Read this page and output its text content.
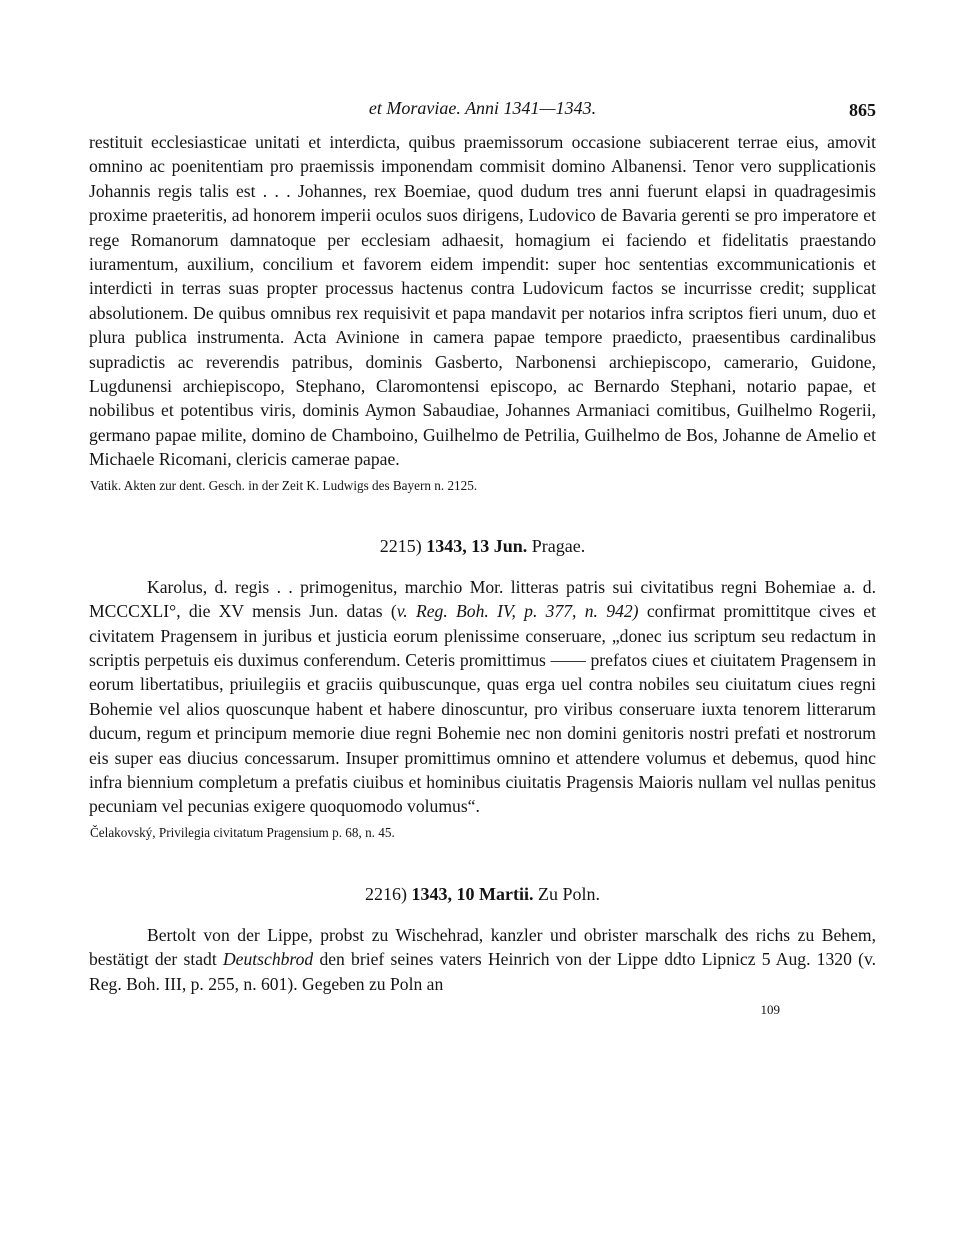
et Moraviae. Anni 1341—1343.	865

restituit ecclesiasticae unitati et interdicta, quibus praemissorum occasione subiacerent terrae eius, amovit omnino ac poenitentiam pro praemissis imponendam commisit domino Albanensi. Tenor vero supplicationis Johannis regis talis est . . . Johannes, rex Boemiae, quod dudum tres anni fuerunt elapsi in quadragesimis proxime praeteritis, ad honorem imperii oculos suos dirigens, Ludovico de Bavaria gerenti se pro imperatore et rege Romanorum damnatoque per ecclesiam adhaesit, homagium ei faciendo et fidelitatis praestando iuramentum, auxilium, concilium et favorem eidem impendit: super hoc sententias excommunicationis et interdicti in terras suas propter processus hactenus contra Ludovicum factos se incurrisse credit; supplicat absolutionem. De quibus omnibus rex requisivit et papa mandavit per notarios infra scriptos fieri unum, duo et plura publica instrumenta. Acta Avinione in camera papae tempore praedicto, praesentibus cardinalibus supradictis ac reverendis patribus, dominis Gasberto, Narbonensi archiepiscopo, camerario, Guidone, Lugdunensi archiepiscopo, Stephano, Claromontensi episcopo, ac Bernardo Stephani, notario papae, et nobilibus et potentibus viris, dominis Aymon Sabaudiae, Johannes Armaniaci comitibus, Guilhelmo Rogerii, germano papae milite, domino de Chamboino, Guilhelmo de Petrilia, Guilhelmo de Bos, Johanne de Amelio et Michaele Ricomani, clericis camerae papae.

Vatik. Akten zur dent. Gesch. in der Zeit K. Ludwigs des Bayern n. 2125.
2215) 1343, 13 Jun. Pragae.

Karolus, d. regis . . primogenitus, marchio Mor. litteras patris sui civitatibus regni Bohemiae a. d. MCCCXLI°, die XV mensis Jun. datas (v. Reg. Boh. IV, p. 377, n. 942) confirmat promittitque cives et civitatem Pragensem in juribus et justicia eorum plenissime conseruare, „donec ius scriptum seu redactum in scriptis perpetuis eis duximus conferendum. Ceteris promittimus —— prefatos ciues et ciuitatem Pragensem in eorum libertatibus, priuilegiis et graciis quibuscunque, quas erga uel contra nobiles seu ciuitatum ciues regni Bohemie vel alios quoscunque habent et habere dinoscuntur, pro viribus conseruare iuxta tenorem litterarum ducum, regum et principum memorie diue regni Bohemie nec non domini genitoris nostri prefati et nostrorum eis super eas diucius concessarum. Insuper promittimus omnino et attendere volumus et debemus, quod hinc infra biennium completum a prefatis ciuibus et hominibus ciuitatis Pragensis Maioris nullam vel nullas penitus pecuniam vel pecunias exigere quoquomodo volumus“.

Čelakovský, Privilegia civitatum Pragensium p. 68, n. 45.
2216) 1343, 10 Martii. Zu Poln.

Bertolt von der Lippe, probst zu Wischehrad, kanzler und obrister marschalk des richs zu Behem, bestätigt der stadt Deutschbrod den brief seines vaters Heinrich von der Lippe ddto Lipnicz 5 Aug. 1320 (v. Reg. Boh. III, p. 255, n. 601). Gegeben zu Poln an

109
